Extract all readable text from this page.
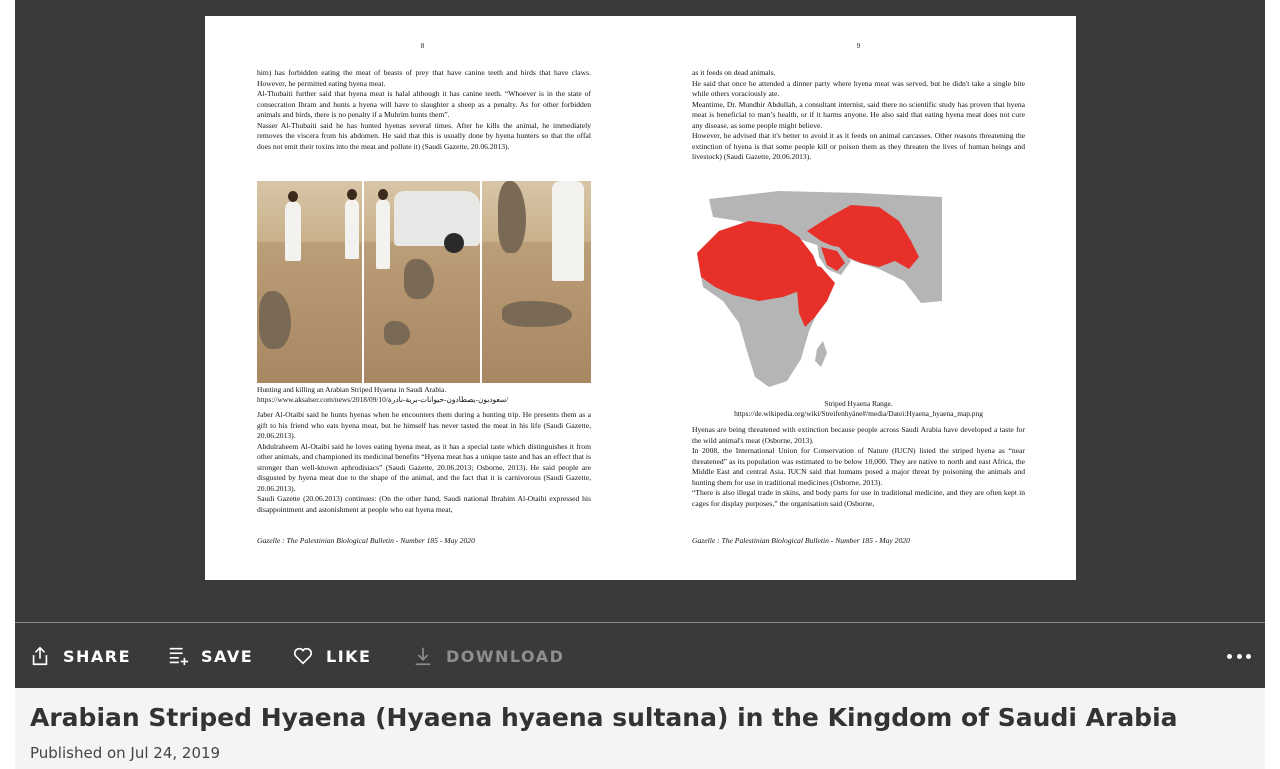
8

him) has forbidden eating the meat of beasts of prey that have canine teeth and birds that have claws. However, he permitted eating hyena meat.

Al-Thubaiti further said that hyena meat is halal although it has canine teeth. “Whoever is in the state of consecration Ihram and hunts a hyena will have to slaughter a sheep as a penalty. As for other forbidden animals and birds, there is no penalty if a Muhrim hunts them”.

Nasser Al-Thubaiti said he has hunted hyenas several times. After he kills the animal, he immediately removes the viscera from his abdomen. He said that this is usually done by hyena hunters so that the offal does not emit their toxins into the meat and pollute it) (Saudi Gazette, 20.06.2013).

Hunting and killing an Arabian Striped Hyaena in Saudi Arabia.
https://www.aksalser.com/news/2018/09/10/سعوديون-يصطادون-حيوانات-برية-نادرة/

Jaber Al-Otaibi said he hunts hyenas when he encounters them during a hunting trip. He presents them as a gift to his friend who eats hyena meat, but he himself has never tasted the meat in his life (Saudi Gazette, 20.06.2013).

Abdulraheem Al-Otaibi said he loves eating hyena meat, as it has a special taste which distinguishes it from other animals, and championed its medicinal benefits “Hyena meat has a unique taste and has an effect that is stronger than well-known aphrodisiacs” (Saudi Gazette, 20.06.2013; Osborne, 2013). He said people are disgusted by hyena meat due to the shape of the animal, and the fact that it is carnivorous (Saudi Gazette, 20.06.2013).

Saudi Gazette (20.06.2013) continues: (On the other hand, Saudi national Ibrahim Al-Otaibi expressed his disappointment and astonishment at people who eat hyena meat,

Gazelle : The Palestinian Biological Bulletin - Number 185 - May 2020
9

as it feeds on dead animals.

He said that once he attended a dinner party where hyena meat was served, but he didn't take a single bite while others voraciously ate.

Meantime, Dr. Mundhir Abdullah, a consultant internist, said there no scientific study has proven that hyena meat is beneficial to man’s health, or if it harms anyone. He also said that eating hyena meat does not cure any disease, as some people might believe.

However, he advised that it's better to avoid it as it feeds on animal carcasses. Other reasons threatening the extinction of hyena is that some people kill or poison them as they threaten the lives of human beings and livestock) (Saudi Gazette, 20.06.2013).

Striped Hyaena Range.
https://de.wikipedia.org/wiki/Streifenhyäne#/media/Datei:Hyaena_hyaena_map.png

Hyenas are being threatened with extinction because people across Saudi Arabia have developed a taste for the wild animal's meat (Osborne, 2013).

In 2008, the International Union for Conservation of Nature (IUCN) listed the striped hyena as “near threatened” as its population was estimated to be below 10,000. They are native to north and east Africa, the Middle East and central Asia. IUCN said that humans posed a major threat by poisoning the animals and hunting them for use in traditional medicines (Osborne, 2013).

“There is also illegal trade in skins, and body parts for use in traditional medicine, and they are often kept in cages for display purposes,” the organisation said (Osborne,

Gazelle : The Palestinian Biological Bulletin - Number 185 - May 2020
SHARE	SAVE	LIKE	DOWNLOAD
Arabian Striped Hyaena (Hyaena hyaena sultana) in the Kingdom of Saudi Arabia
Published on Jul 24, 2019
